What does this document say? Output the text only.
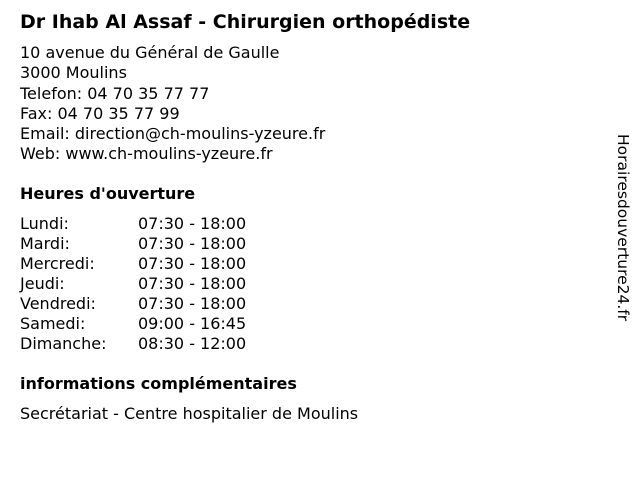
Dr Ihab Al Assaf - Chirurgien orthopédiste
10 avenue du Général de Gaulle
3000 Moulins
Telefon: 04 70 35 77 77
Fax: 04 70 35 77 99
Email: direction@ch-moulins-yzeure.fr
Web: www.ch-moulins-yzeure.fr
Heures d'ouverture
Lundi:	07:30 - 18:00
Mardi:	07:30 - 18:00
Mercredi:	07:30 - 18:00
Jeudi:	07:30 - 18:00
Vendredi:	07:30 - 18:00
Samedi:	09:00 - 16:45
Dimanche: 08:30 - 12:00
informations complémentaires
Secrétariat - Centre hospitalier de Moulins
Horairesdouverture24.fr
